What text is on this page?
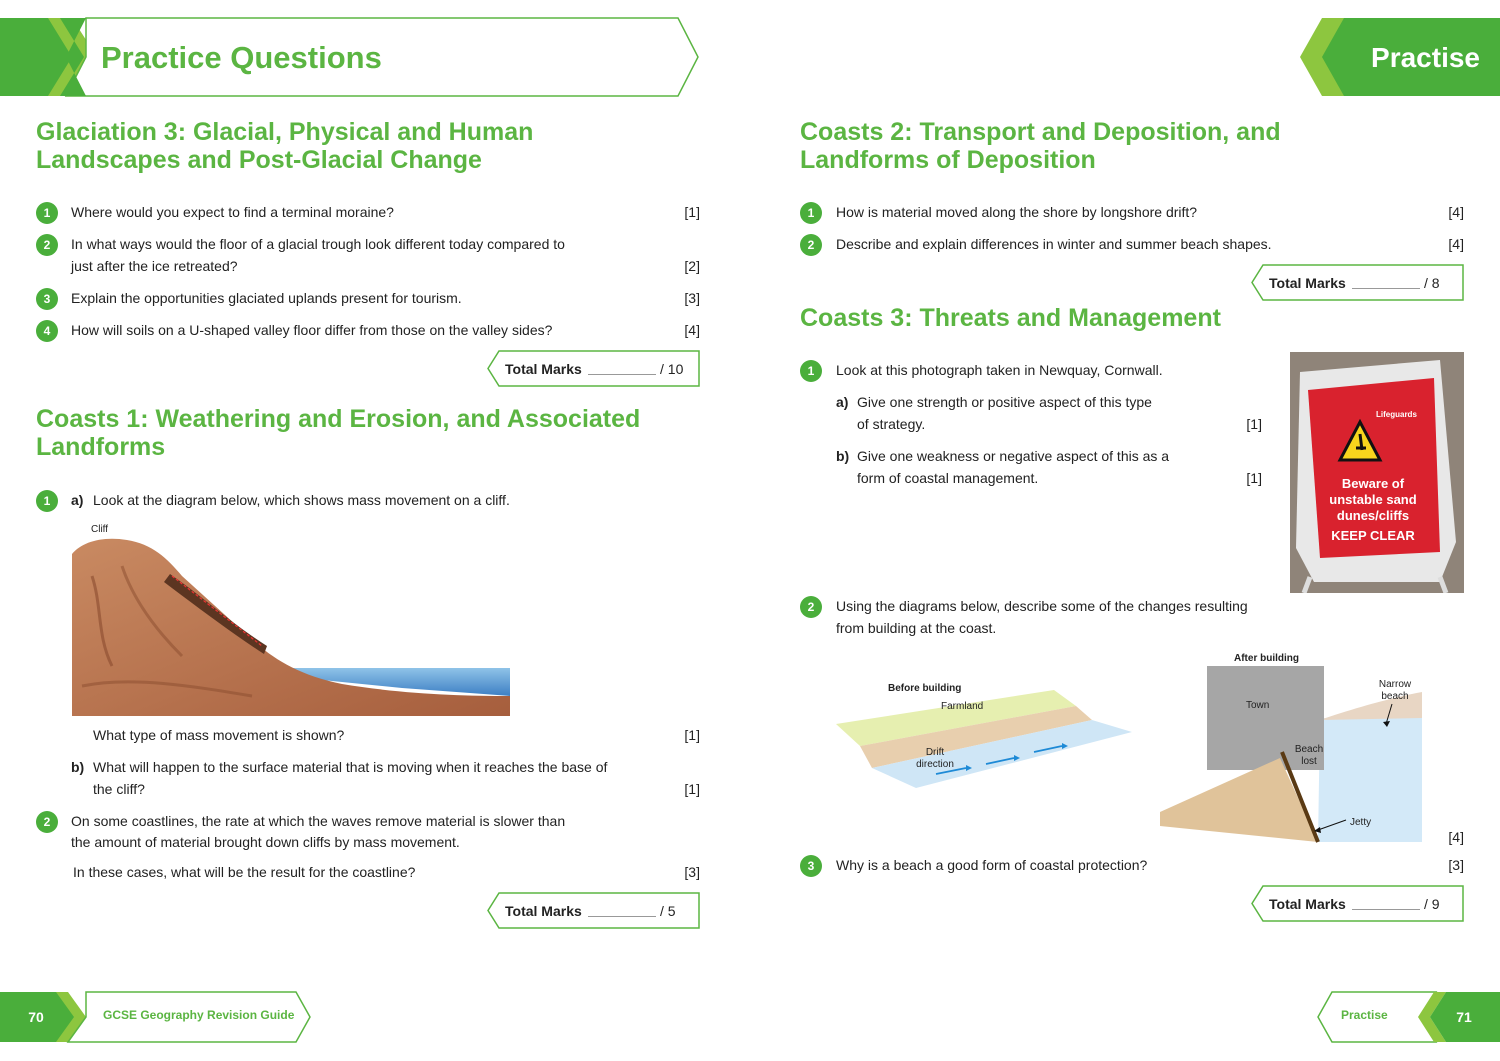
Practice Questions	Practise
Glaciation 3: Glacial, Physical and Human
Landscapes and Post-Glacial Change
1	Where would you expect to find a terminal moraine?	[1]
2	In what ways would the floor of a glacial trough look different today compared to
just after the ice retreated?	[2]
3	Explain the opportunities glaciated uplands present for tourism.	[3]
4	How will soils on a U-shaped valley floor differ from those on the valley sides?	[4]
Total Marks	/ 10
Coasts 1: Weathering and Erosion, and Associated
Landforms
1	a) Look at the diagram below, which shows mass movement on a cliff.
Cliff
What type of mass movement is shown?	[1]
b) What will happen to the surface material that is moving when it reaches the base of
the cliff?	[1]
2	On some coastlines, the rate at which the waves remove material is slower than
the amount of material brought down cliffs by mass movement.
In these cases, what will be the result for the coastline?	[3]
Total Marks	/ 5
Coasts 2: Transport and Deposition, and
Landforms of Deposition
1	How is material moved along the shore by longshore drift?	[4]
2	Describe and explain differences in winter and summer beach shapes.	[4]
Total Marks	/ 8
Coasts 3: Threats and Management
1	Look at this photograph taken in Newquay, Cornwall.
a) Give one strength or positive aspect of this type
of strategy.	[1]
b) Give one weakness or negative aspect of this as a
form of coastal management.	[1]
Lifeguards
Beware of
unstable sand
dunes/cliffs
KEEP CLEAR
2	Using the diagrams below, describe some of the changes resulting
from building at the coast.
Before building
Farmland
Drift
direction
After building
Town
Narrow
beach
Beach
lost
Jetty
[4]
3	Why is a beach a good form of coastal protection?	[3]
Total Marks	/ 9
70	GCSE Geography Revision Guide	Practise	71
